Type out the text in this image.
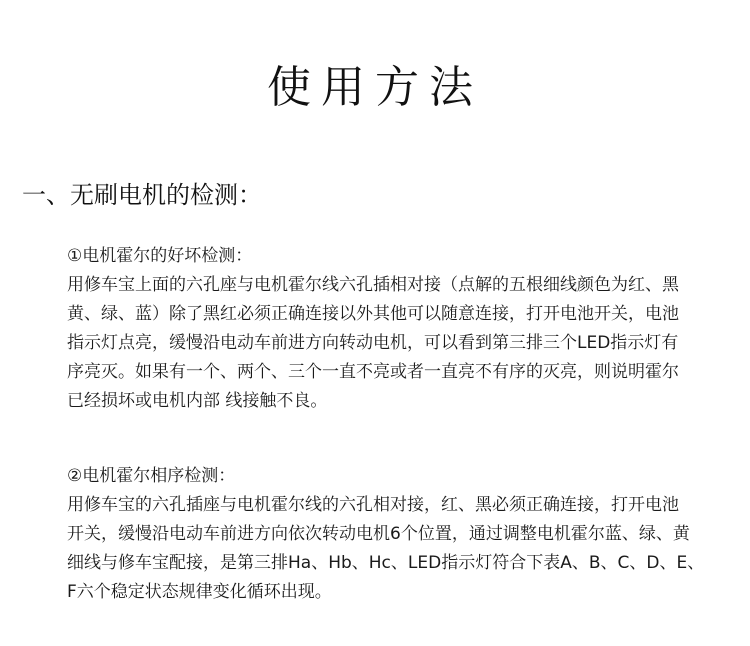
使用方法
一、无刷电机的检测：
①电机霍尔的好坏检测：
用修车宝上面的六孔座与电机霍尔线六孔插相对接（点解的五根细线颜色为红、黑
黄、绿、蓝）除了黑红必须正确连接以外其他可以随意连接，打开电池开关，电池
指示灯点亮，缓慢沿电动车前进方向转动电机，可以看到第三排三个LED指示灯有
序亮灭。如果有一个、两个、三个一直不亮或者一直亮不有序的灭亮，则说明霍尔
已经损坏或电机内部 线接触不良。
②电机霍尔相序检测：
用修车宝的六孔插座与电机霍尔线的六孔相对接，红、黑必须正确连接，打开电池
开关，缓慢沿电动车前进方向依次转动电机6个位置，通过调整电机霍尔蓝、绿、黄
细线与修车宝配接，是第三排Ha、Hb、Hc、LED指示灯符合下表A、B、C、D、E、
F六个稳定状态规律变化循环出现。
